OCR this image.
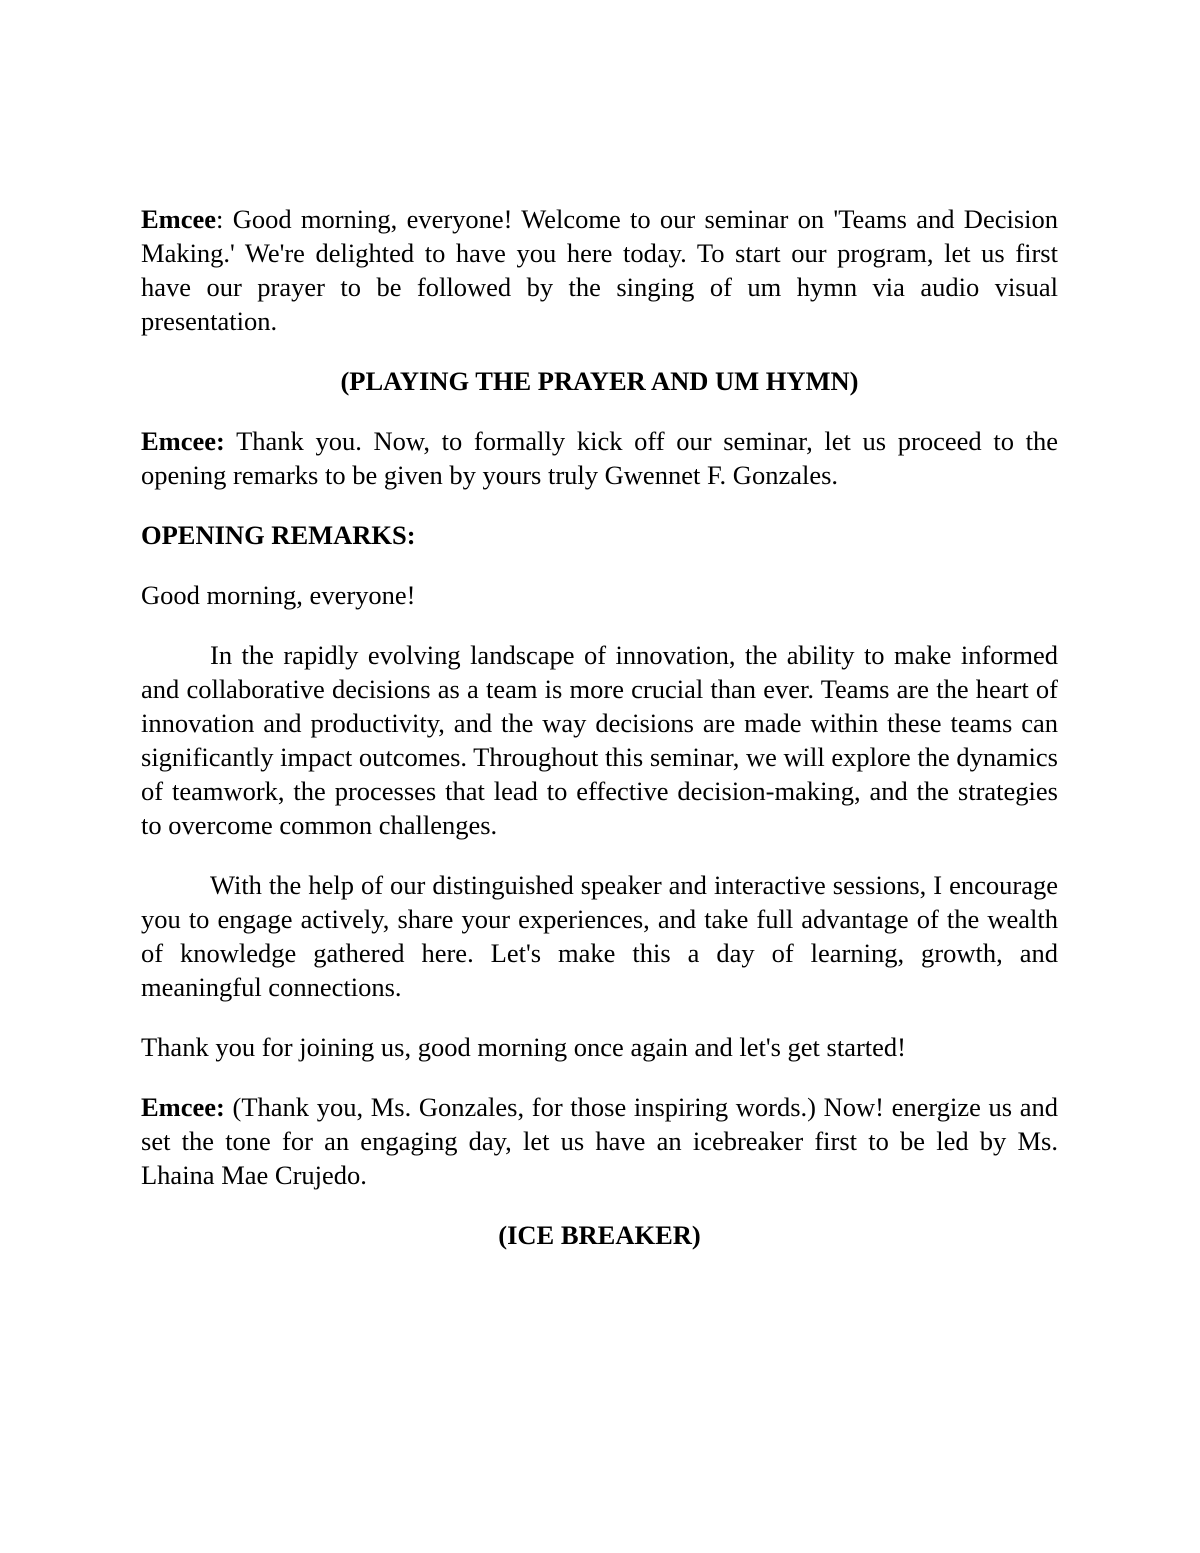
Emcee: Good morning, everyone! Welcome to our seminar on 'Teams and Decision Making.' We're delighted to have you here today. To start our program, let us first have our prayer to be followed by the singing of um hymn via audio visual presentation.

(PLAYING THE PRAYER AND UM HYMN)

Emcee: Thank you. Now, to formally kick off our seminar, let us proceed to the opening remarks to be given by yours truly Gwennet F. Gonzales.

OPENING REMARKS:

Good morning, everyone!

In the rapidly evolving landscape of innovation, the ability to make informed and collaborative decisions as a team is more crucial than ever. Teams are the heart of innovation and productivity, and the way decisions are made within these teams can significantly impact outcomes. Throughout this seminar, we will explore the dynamics of teamwork, the processes that lead to effective decision-making, and the strategies to overcome common challenges.

With the help of our distinguished speaker and interactive sessions, I encourage you to engage actively, share your experiences, and take full advantage of the wealth of knowledge gathered here. Let's make this a day of learning, growth, and meaningful connections.

Thank you for joining us, good morning once again and let's get started!

Emcee: (Thank you, Ms. Gonzales, for those inspiring words.) Now! energize us and set the tone for an engaging day, let us have an icebreaker first to be led by Ms. Lhaina Mae Crujedo.

(ICE BREAKER)
